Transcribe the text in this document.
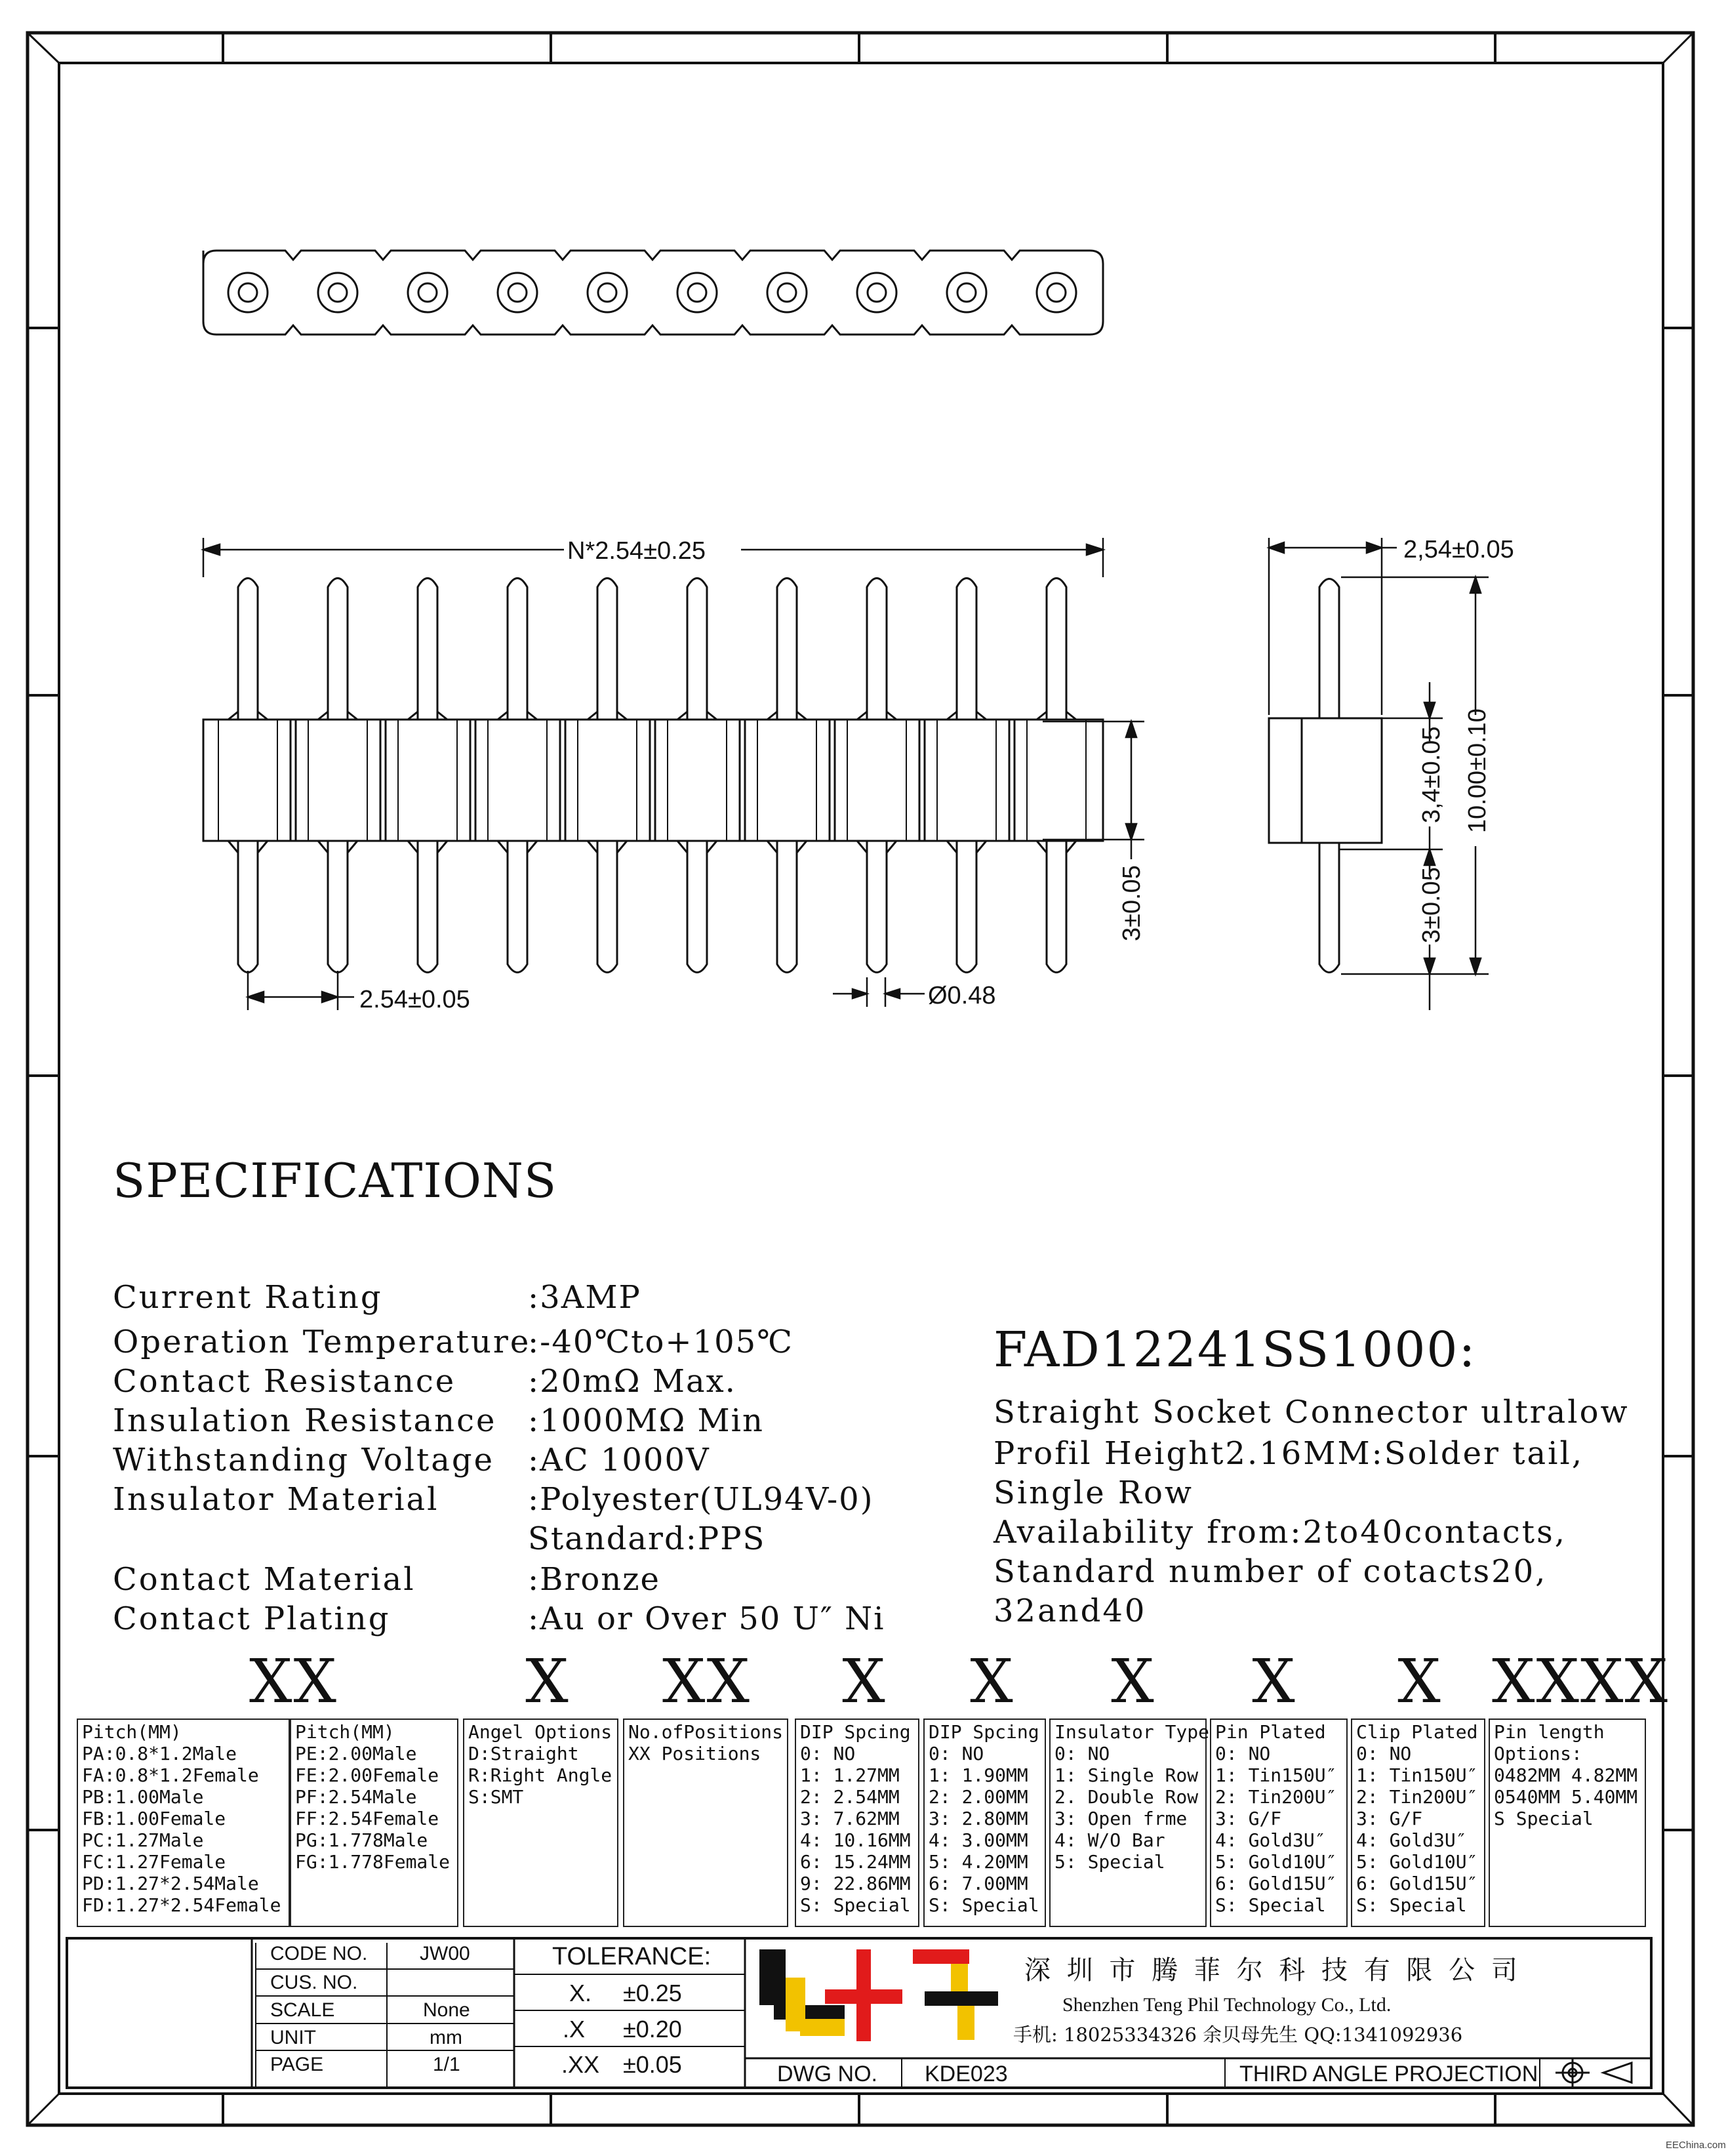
N*2.54±0.25
2.54±0.05	Ø0.48
3±0.05
2,54±0.05
10.00±0.10
3,4±0.05
3±0.05
SPECIFICATIONS
Current Rating	:3AMP
Operation Temperature
:-40℃to+105℃
Contact Resistance :20mΩ Max.
Insulation Resistance :1000MΩ Min
Withstanding Voltage :AC 1000V
Insulator Material	:Polyester(UL94V-0)
Standard:PPS
Contact Material	:Bronze
Contact Plating	:Au or Over 50 U″ Ni
FAD12241SS1000:
Straight Socket Connector ultralow
Profil Height2.16MM:Solder tail,
Single Row
Availability from:2to40contacts,
Standard number of cotacts20,
32and40
XX	X XX X X X X X XXXX
Pitch(MM)
PA:0.8*1.2Male
FA:0.8*1.2Female
PB:1.00Male
FB:1.00Female
PC:1.27Male
FC:1.27Female
PD:1.27*2.54Male
FD:1.27*2.54Female
Pitch(MM)
PE:2.00Male
FE:2.00Female
PF:2.54Male
FF:2.54Female
PG:1.778Male
FG:1.778Female
Angel Options
D:Straight
R:Right Angle
S:SMT
No.ofPositions
XX Positions
DIP Spcing
0: NO
1: 1.27MM
2: 2.54MM
3: 7.62MM
4: 10.16MM
6: 15.24MM
9: 22.86MM
S: Special
DIP Spcing
0: NO
1: 1.90MM
2: 2.00MM
3: 2.80MM
4: 3.00MM
5: 4.20MM
6: 7.00MM
S: Special
Insulator Type
0: NO
1: Single Row
2. Double Row
3: Open frme
4: W/O Bar
5: Special
Pin Plated
0: NO
1: Tin150U″
2: Tin200U″
3: G/F
4: Gold3U″
5: Gold10U″
6: Gold15U″
S: Special
Clip Plated
0: NO
1: Tin150U″
2: Tin200U″
3: G/F
4: Gold3U″
5: Gold10U″
6: Gold15U″
S: Special
Pin length
Options:
0482MM 4.82MM
0540MM 5.40MM
S Special
CODE NO.	JW00
CUS. NO.
SCALE	None
UNIT	mm
PAGE	1/1
TOLERANCE:
X. ±0.25
.X ±0.20
.XX ±0.05
深 圳 市 腾 菲 尔 科 技 有 限 公 司
Shenzhen Teng Phil Technology Co., Ltd.
手机: 18025334326 余贝母先生 QQ:1341092936
DWG NO. KDE023	THIRD ANGLE PROJECTION
EEChina.com
